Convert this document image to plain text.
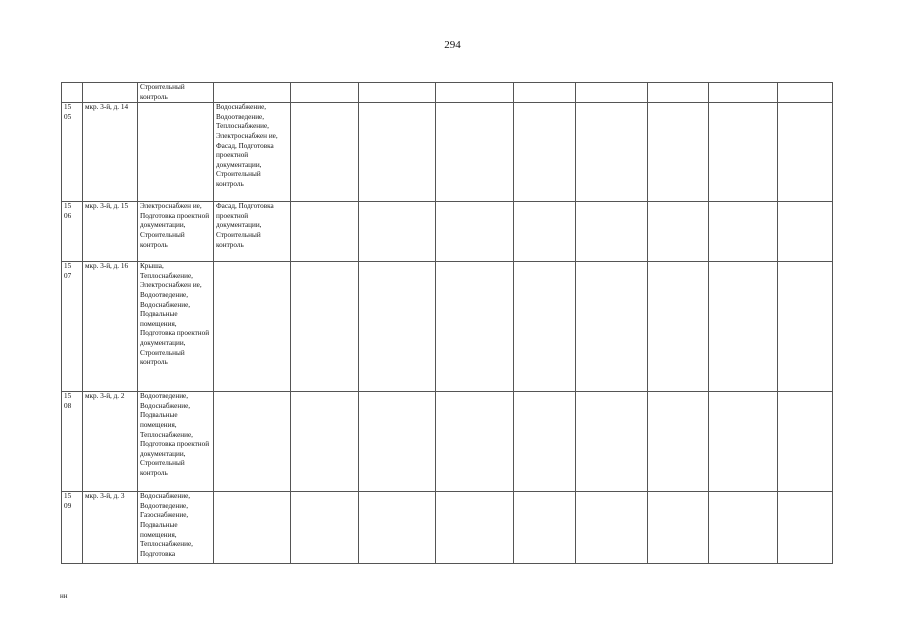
294

		Строительный контроль									

15 05	мкр. 3-й, д. 14		Водоснабжение, Водоотведение, Теплоснабжение, Электроснабжен ие, Фасад, Подготовка проектной документации, Строительный контроль								

15 06	мкр. 3-й, д. 15	Электроснабжен ие, Подготовка проектной документации, Строительный контроль	Фасад, Подготовка проектной документации, Строительный контроль								

15 07	мкр. 3-й, д. 16	Крыша, Теплоснабжение, Электроснабжен ие, Водоотведение, Водоснабжение, Подвальные помещения, Подготовка проектной документации, Строительный контроль									

15 08	мкр. 3-й, д. 2	Водоотведение, Водоснабжение, Подвальные помещения, Теплоснабжение, Подготовка проектной документации, Строительный контроль									

15 09	мкр. 3-й, д. 3	Водоснабжение, Водоотведение, Газоснабжение, Подвальные помещения, Теплоснабжение, Подготовка									

нн
